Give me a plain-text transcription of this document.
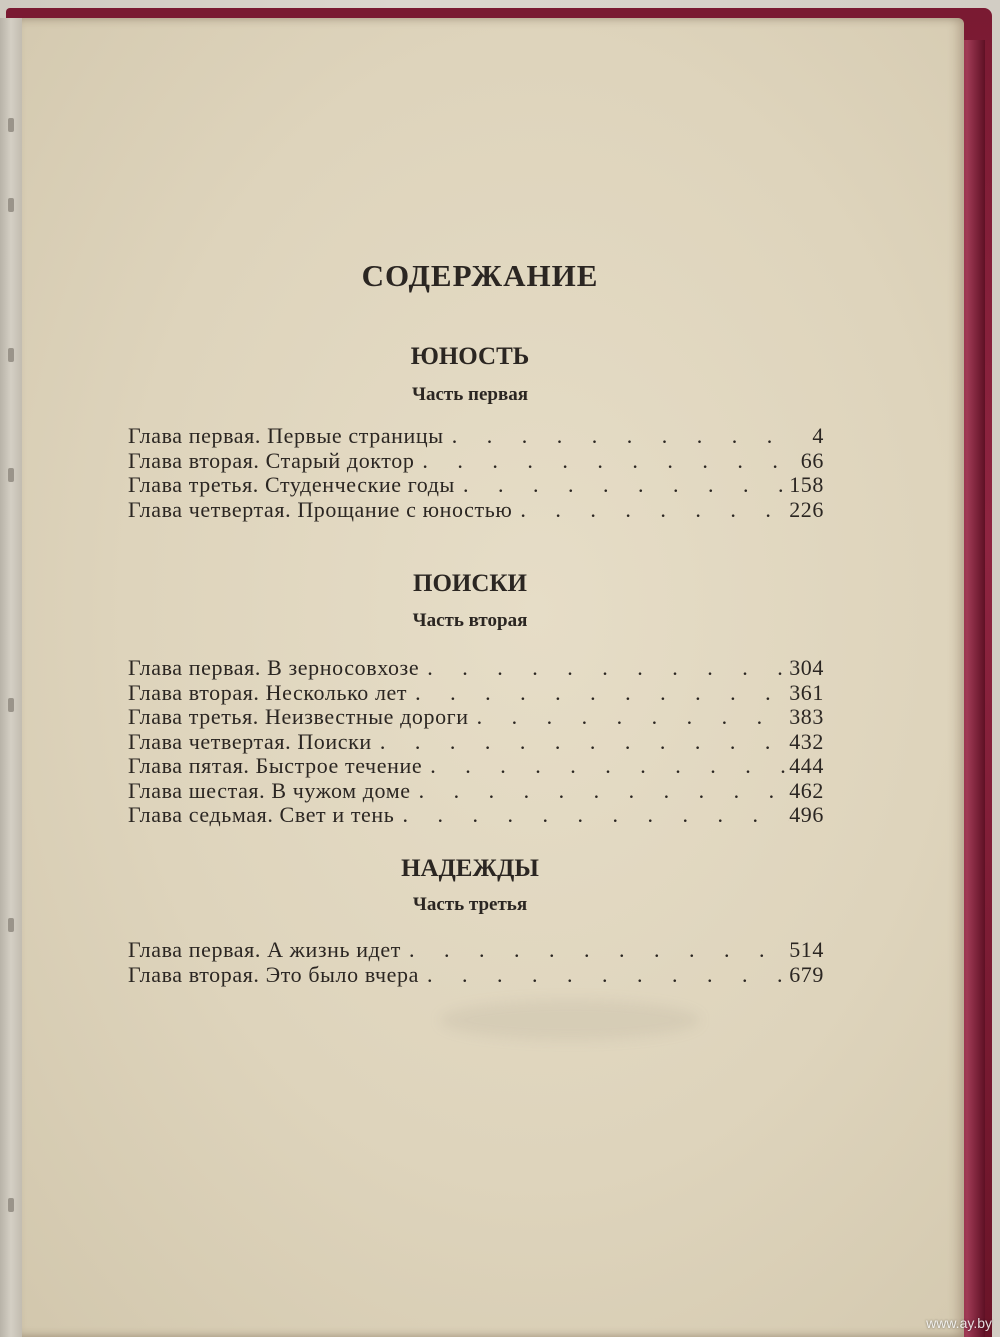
СОДЕРЖАНИЕ
ЮНОСТЬ
Часть первая
Глава первая. Первые страницы . . .	4
Глава вторая. Старый доктор . . .	66
Глава третья. Студенческие годы . . .	158
Глава четвертая. Прощание с юностью . . .	226
ПОИСКИ
Часть вторая
Глава первая. В зерносовхозе . . .	304
Глава вторая. Несколько лет . . .	361
Глава третья. Неизвестные дороги . . .	383
Глава четвертая. Поиски . . .	432
Глава пятая. Быстрое течение . . .	444
Глава шестая. В чужом доме . . .	462
Глава седьмая. Свет и тень . . .	496
НАДЕЖДЫ
Часть третья
Глава первая. А жизнь идет . . .	514
Глава вторая. Это было вчера . . .	679
www.ay.by
